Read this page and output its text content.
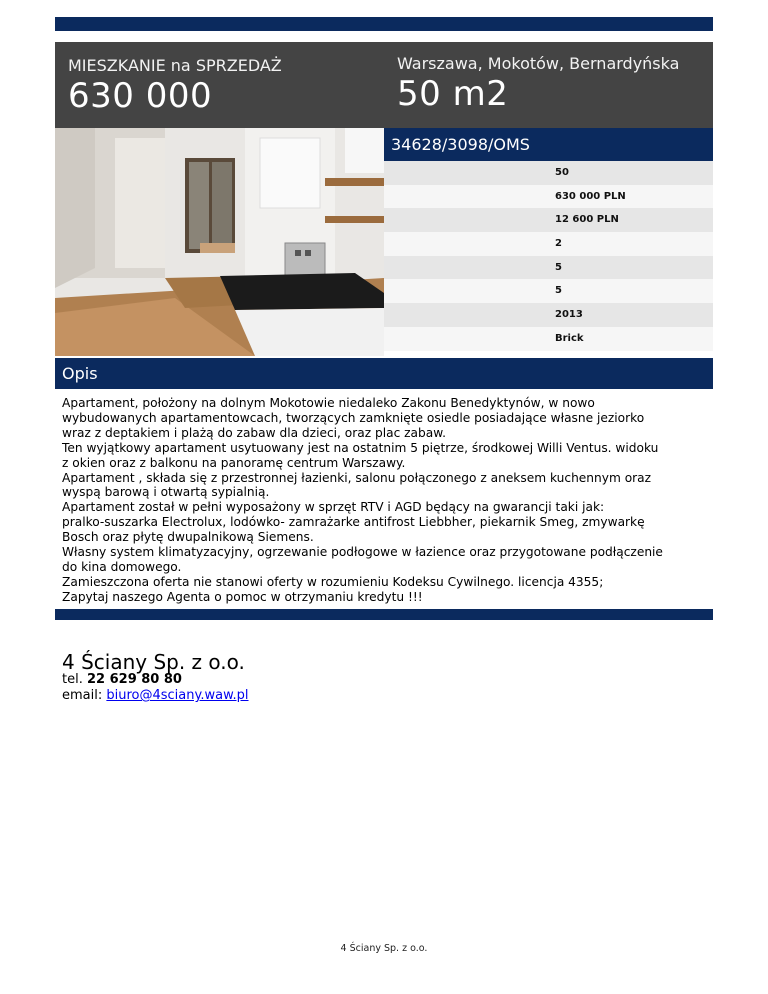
MIESZKANIE na SPRZEDAŻ
630 000
Warszawa, Mokotów, Bernardyńska
50 m2
34628/3098/OMS
50
630 000 PLN
12 600 PLN
2
5
5
2013
Brick
Opis
Apartament, położony na dolnym Mokotowie niedaleko Zakonu Benedyktynów, w nowo
wybudowanych apartamentowcach, tworzących zamknięte osiedle posiadające własne jeziorko
wraz z deptakiem i plażą do zabaw dla dzieci, oraz plac zabaw.
Ten wyjątkowy apartament usytuowany jest na ostatnim 5 piętrze, środkowej Willi Ventus. widoku
z okien oraz z balkonu na panoramę centrum Warszawy.
Apartament , składa się z przestronnej łazienki, salonu połączonego z aneksem kuchennym oraz
wyspą barową i otwartą sypialnią.
Apartament został w pełni wyposażony w sprzęt RTV i AGD będący na gwarancji taki jak:
pralko-suszarka Electrolux, lodówko- zamrażarke antifrost Liebbher, piekarnik Smeg, zmywarkę
Bosch oraz płytę dwupalnikową Siemens.
Własny system klimatyzacyjny, ogrzewanie podłogowe w łazience oraz przygotowane podłączenie
do kina domowego.
Zamieszczona oferta nie stanowi oferty w rozumieniu Kodeksu Cywilnego. licencja 4355;
Zapytaj naszego Agenta o pomoc w otrzymaniu kredytu !!!
4 Ściany Sp. z o.o.
tel. 22 629 80 80
email: biuro@4sciany.waw.pl
4 Ściany Sp. z o.o.
